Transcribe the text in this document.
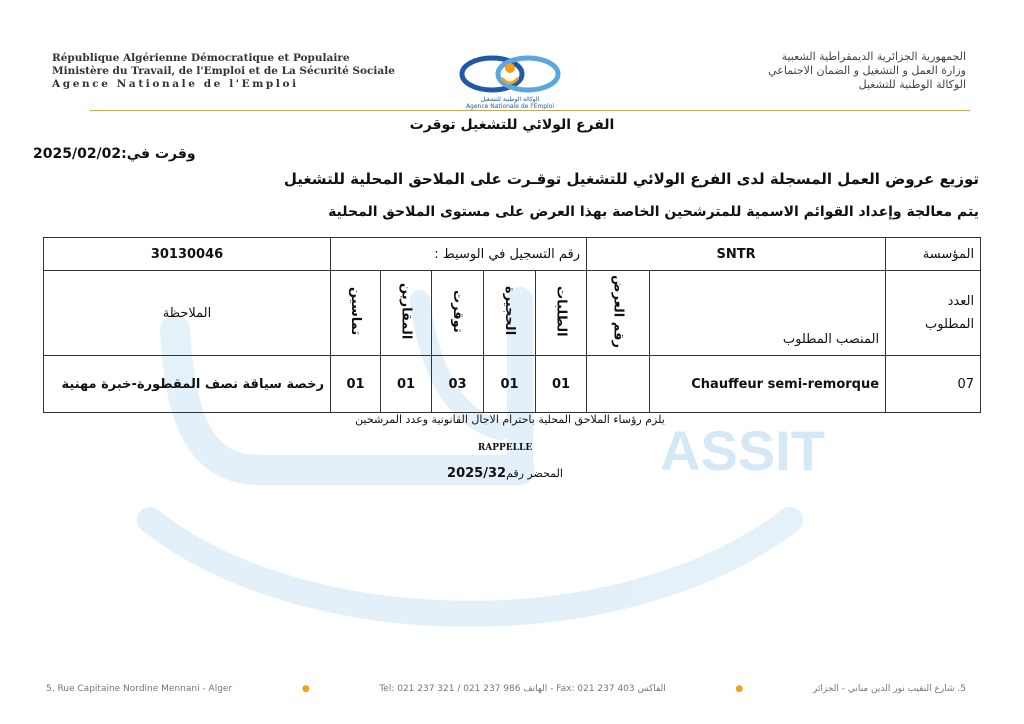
ASSIT
République Algérienne Démocratique et Populaire
Ministère du Travail, de l'Emploi et de La Sécurité Sociale
Agence Nationale de l'Emploi
الوكالة الوطنية للتشغيل
Agence Nationale de l'Emploi
الجمهورية الجزائرية الديمقراطية الشعبية
وزارة العمل و التشغيل و الضمان الاجتماعي
الوكالة الوطنية للتشغيل
الفرع الولائي للتشغيل توقرت
وقرت في:2025/02/02
توزيع عروض العمل المسجلة لدى الفرع الولائي للتشغيل توقـرت على الملاحق المحلية للتشغيل
يتم معالجة وإعداد القوائم الاسمية للمترشحين الخاصة بهذا العرض على مستوى الملاحق المحلية
المؤسسة	SNTR		رقم التسجيل في الوسيط :					30130046

العدد
المطلوب	المنصب المطلوب	رقم العرض	الطلبات	الحجيرة	توقرت	المقارين	تماسين	الملاحظة
07	Chauffeur semi-remorque		01	01	03	01	01	رخصة سياقة نصف المقطورة-خبرة مهنية
يلزم رؤساء الملاحق المحلية باحترام الاجال القانونية وعدد المرشحين
RAPPELLE
المحضر رقم2025/32
5. Rue Capitaine Nordine Mennani - Alger	●	Tel: 021 237 321 / 021 237 986 الهاتف - Fax: 021 237 403 الفاكس	●	5. شارع النقيب نور الدين مناني - الجزائر
